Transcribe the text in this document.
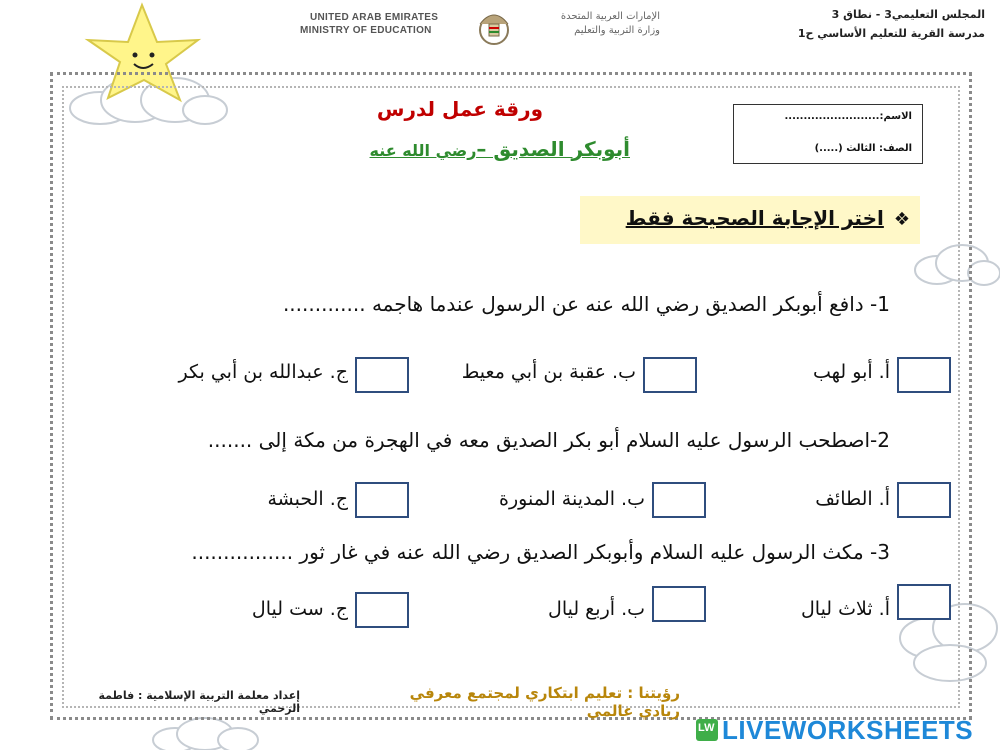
UNITED ARAB EMIRATES
MINISTRY OF EDUCATION
الإمارات العربية المتحدة
وزارة التربية والتعليم
المجلس التعليمي3 - نطاق 3
مدرسة القرية للتعليم الأساسي ح1
الاسم:.........................
الصف: الثالث (.....)
ورقة عمل لدرس
أبوبكر الصديق –رضي الله عنه
❖اختر الإجابة الصحيحة فقط
1- دافع أبوبكر الصديق رضي الله عنه عن الرسول عندما هاجمه .............
أ. أبو لهب
ب. عقبة بن أبي معيط
ج. عبدالله بن أبي بكر
2-اصطحب الرسول عليه السلام أبو بكر الصديق معه في الهجرة من مكة إلى .......
أ. الطائف
ب. المدينة المنورة
ج. الحبشة
3- مكث الرسول عليه السلام وأبوبكر الصديق رضي الله عنه في غار ثور ................
أ. ثلاث ليال
ب. أربع ليال
ج. ست ليال
إعداد معلمة التربية الإسلامية : فاطمة الزحمي
رؤيتنا : تعليم ابتكاري لمجتمع معرفي ريادي عالمي
LW LIVEWORKSHEETS
